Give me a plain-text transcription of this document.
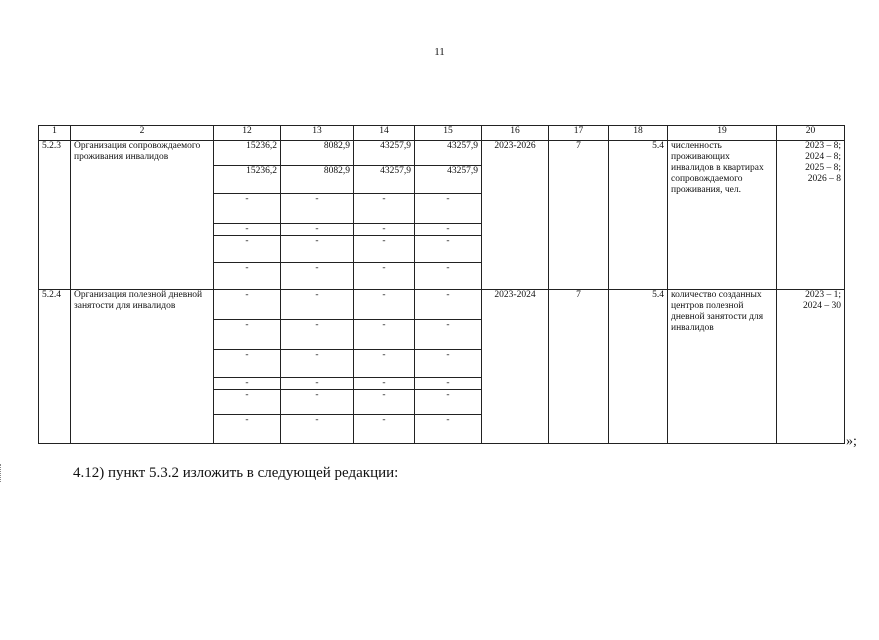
11
1	2	12	13	14	15	16	17	18	19	20
5.2.3	Организация сопровождаемого проживания инвалидов	15236,2	8082,9	43257,9	43257,9	2023-2026	7	5.4	численность проживающих инвалидов в квартирах сопровождаемого проживания, чел.	2023 – 8;
2024 – 8;
2025 – 8;
2026 – 8

		15236,2	8082,9	43257,9	43257,9					
		-	-	-	-					
		-	-	-	-					
		-	-	-	-					
		-	-	-	-					
5.2.4	Организация полезной дневной занятости для инвалидов	-	-	-	-	2023-2024	7	5.4	количество созданных центров полезной дневной занятости для инвалидов	2023 – 1;
2024 – 30

		-	-	-	-					
		-	-	-	-					
		-	-	-	-					
		-	-	-	-					
		-	-	-	-					
»;
4.12) пункт 5.3.2 изложить в следующей редакции:
